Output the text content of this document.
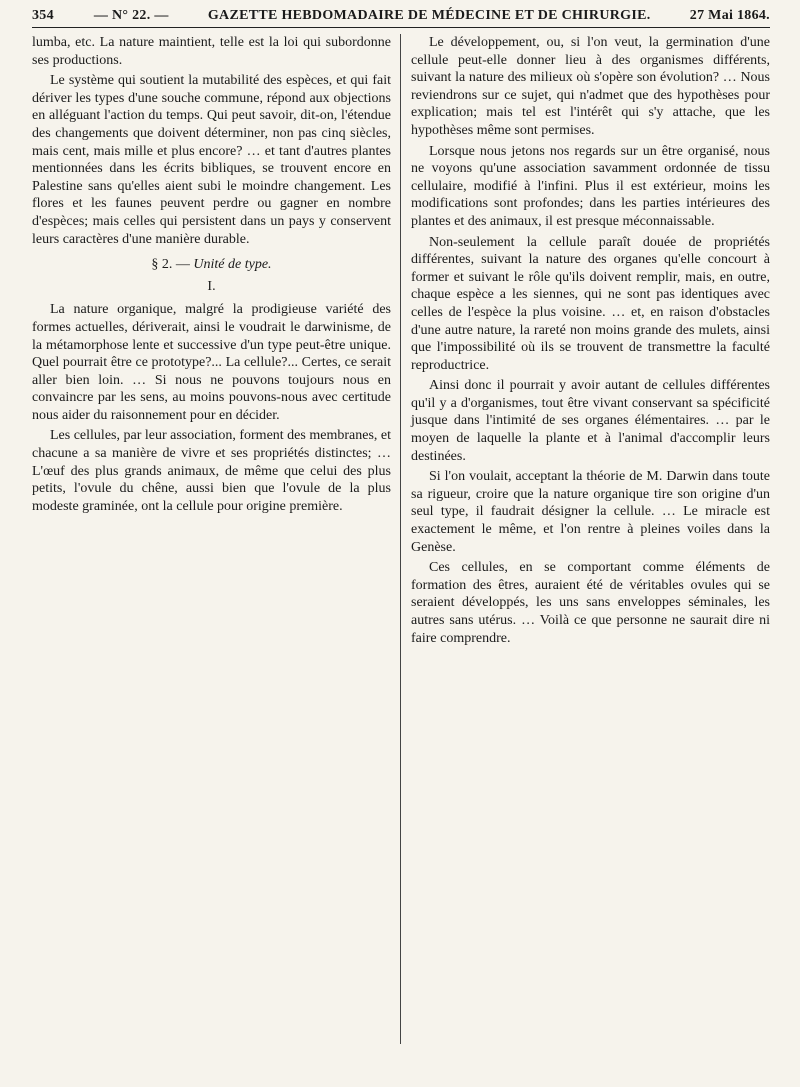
354	— N° 22. —	GAZETTE HEBDOMADAIRE DE MÉDECINE ET DE CHIRURGIE.	27 Mai 1864.

lumba, etc. La nature maintient, telle est la loi qui subordonne ses productions.

Le système qui soutient la mutabilité des espèces, et qui fait dériver les types d'une souche commune, répond aux objections en alléguant l'action du temps. Qui peut savoir, dit-on, l'étendue des changements que doivent déterminer, non pas cinq siècles, mais cent, mais mille et plus encore? … et tant d'autres plantes mentionnées dans les écrits bibliques, se trouvent encore en Palestine sans qu'elles aient subi le moindre changement. Les flores et les faunes peuvent perdre ou gagner en nombre d'espèces; mais celles qui persistent dans un pays y conservent leurs caractères d'une manière durable.

§ 2. — Unité de type.
I.

La nature organique, malgré la prodigieuse variété des formes actuelles, dériverait, ainsi le voudrait le darwinisme, de la métamorphose lente et successive d'un type peut-être unique. Quel pourrait être ce prototype?... La cellule?... Certes, ce serait aller bien loin. … Si nous ne pouvons toujours nous en convaincre par les sens, au moins pouvons-nous avec certitude nous aider du raisonnement pour en décider.

Les cellules, par leur association, forment des membranes, et chacune a sa manière de vivre et ses propriétés distinctes; … L'œuf des plus grands animaux, de même que celui des plus petits, l'ovule du chêne, aussi bien que l'ovule de la plus modeste graminée, ont la cellule pour origine première.

Le développement, ou, si l'on veut, la germination d'une cellule peut-elle donner lieu à des organismes différents, suivant la nature des milieux où s'opère son évolution? … Nous reviendrons sur ce sujet, qui n'admet que des hypothèses pour explication; mais tel est l'intérêt qui s'y attache, que les hypothèses même sont permises.

Lorsque nous jetons nos regards sur un être organisé, nous ne voyons qu'une association savamment ordonnée de tissu cellulaire, modifié à l'infini. Plus il est extérieur, moins les modifications sont profondes; dans les parties intérieures des plantes et des animaux, il est presque méconnaissable.

Non-seulement la cellule paraît douée de propriétés différentes, suivant la nature des organes qu'elle concourt à former et suivant le rôle qu'ils doivent remplir, mais, en outre, chaque espèce a les siennes, qui ne sont pas identiques avec celles de l'espèce la plus voisine. … et, en raison d'obstacles d'une autre nature, la rareté non moins grande des mulets, ainsi que l'impossibilité où ils se trouvent de transmettre la faculté reproductrice.

Ainsi donc il pourrait y avoir autant de cellules différentes qu'il y a d'organismes, tout être vivant conservant sa spécificité jusque dans l'intimité de ses organes élémentaires. … par le moyen de laquelle la plante et à l'animal d'accomplir leurs destinées.

Si l'on voulait, acceptant la théorie de M. Darwin dans toute sa rigueur, croire que la nature organique tire son origine d'un seul type, il faudrait désigner la cellule. … Le miracle est exactement le même, et l'on rentre à pleines voiles dans la Genèse.

Ces cellules, en se comportant comme éléments de formation des êtres, auraient été de véritables ovules qui se seraient développés, les uns sans enveloppes séminales, les autres sans utérus. … Voilà ce que personne ne saurait dire ni faire comprendre.
